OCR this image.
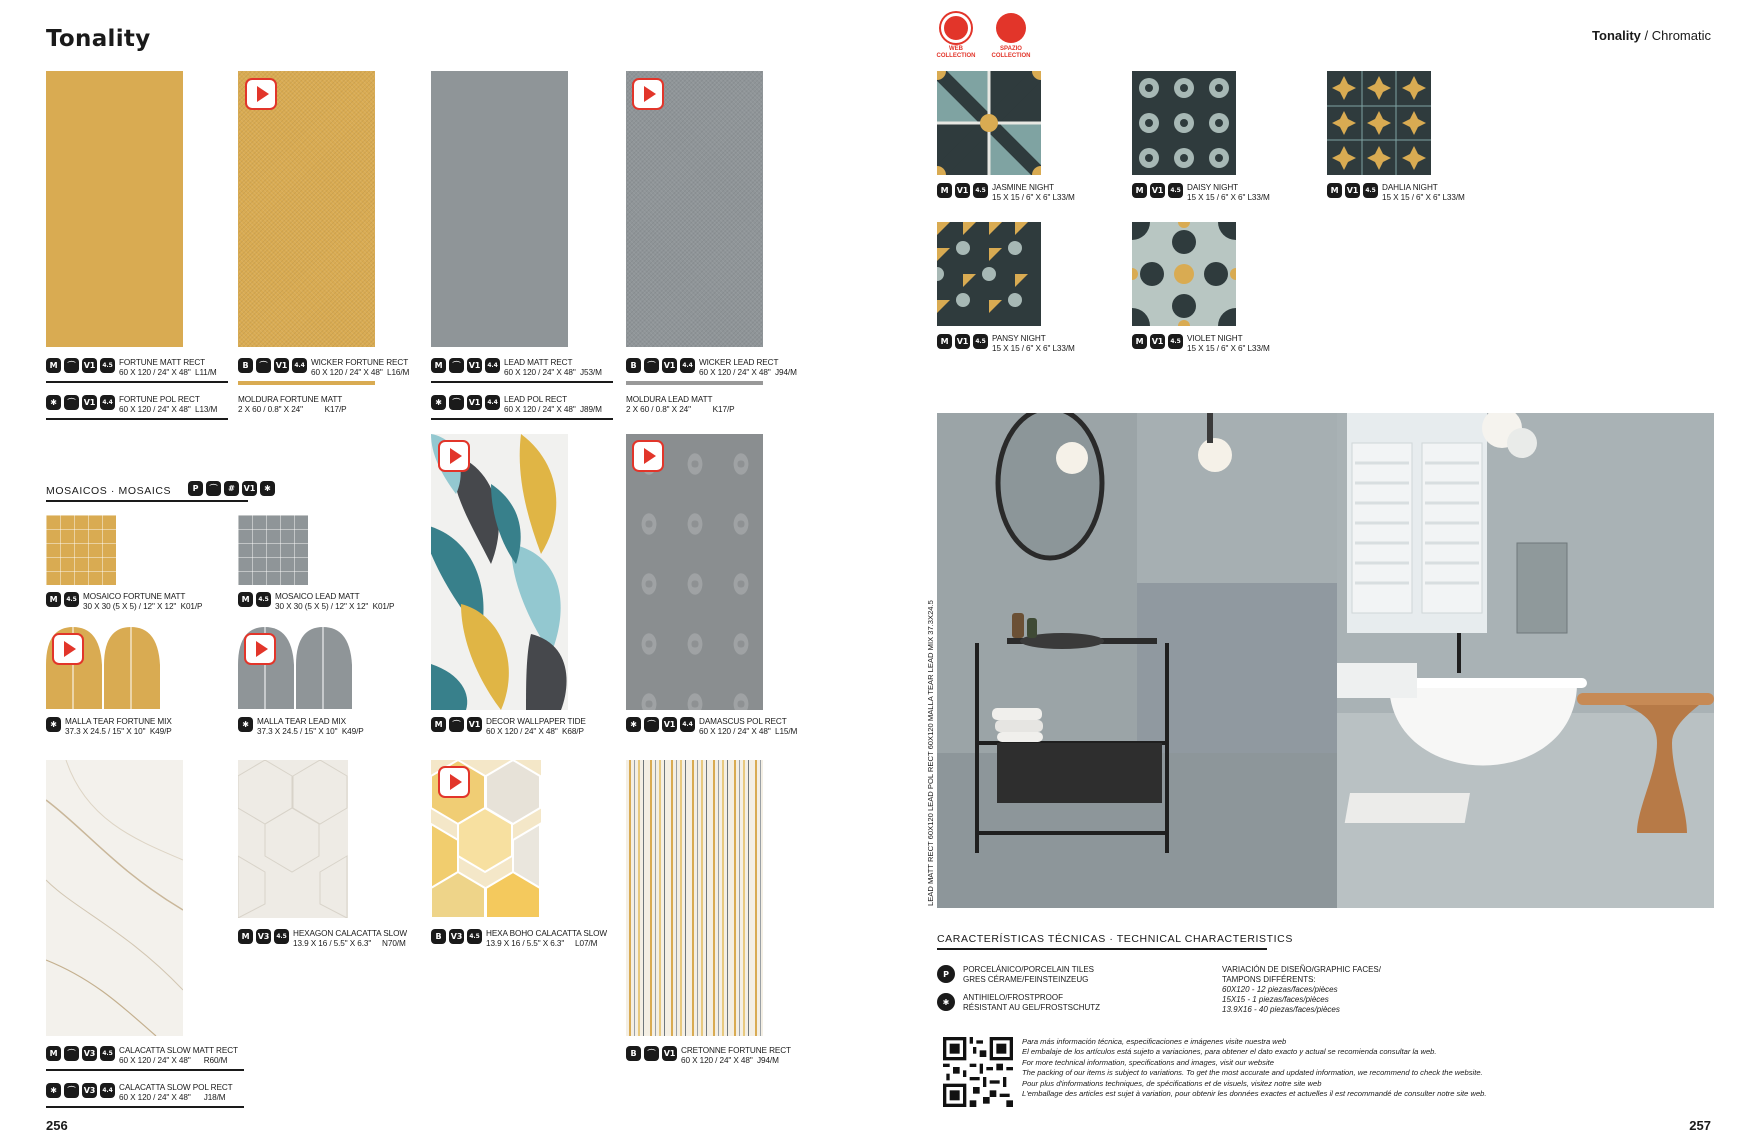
Tonality
M	⌒	V1	4.5 FORTUNE MATT RECT
60 X 120 / 24" X 48" L11/M
B	⌒	V1	4.4 WICKER FORTUNE RECT
60 X 120 / 24" X 48" L16/M
M	⌒	V1	4.4 LEAD MATT RECT
60 X 120 / 24" X 48" J53/M
B	⌒	V1	4.4 WICKER LEAD RECT
60 X 120 / 24" X 48" J94/M
✱	⌒	V1	4.4 FORTUNE POL RECT
60 X 120 / 24" X 48" L13/M
MOLDURA FORTUNE MATT
2 X 60 / 0.8" X 24"	K17/P
✱	⌒	V1	4.4 LEAD POL RECT
60 X 120 / 24" X 48" J89/M
MOLDURA LEAD MATT
2 X 60 / 0.8" X 24"	K17/P
MOSAICOS · MOSAICS	P	⌒	#	V1	✱
M	4.5 MOSAICO FORTUNE MATT
30 X 30 (5 X 5) / 12" X 12" K01/P
M	4.5 MOSAICO LEAD MATT
30 X 30 (5 X 5) / 12" X 12" K01/P
✱	MALLA TEAR FORTUNE MIX
37.3 X 24.5 / 15" X 10" K49/P
✱	MALLA TEAR LEAD MIX
37.3 X 24.5 / 15" X 10" K49/P
M	⌒	V1 DECOR WALLPAPER TIDE
60 X 120 / 24" X 48" K68/P
✱	⌒	V1	4.4 DAMASCUS POL RECT
60 X 120 / 24" X 48" L15/M
M	V3	4.5 HEXAGON CALACATTA SLOW
13.9 X 16 / 5.5" X 6.3" N70/M
B	V3	4.5 HEXA BOHO CALACATTA SLOW
13.9 X 16 / 5.5" X 6.3" L07/M
M	⌒	V3	4.5 CALACATTA SLOW MATT RECT
60 X 120 / 24" X 48" R60/M
B	⌒	V1 CRETONNE FORTUNE RECT
60 X 120 / 24" X 48" J94/M
✱	⌒	V3	4.4 CALACATTA SLOW POL RECT
60 X 120 / 24" X 48" J18/M
256
WEB COLLECTION
SPAZIO COLLECTION
Tonality / Chromatic
M	V1	4.5 JASMINE NIGHT
15 X 15 / 6" X 6" L33/M
M	V1	4.5 DAISY NIGHT
15 X 15 / 6" X 6" L33/M
M	V1	4.5 DAHLIA NIGHT
15 X 15 / 6" X 6" L33/M
M	V1	4.5 PANSY NIGHT
15 X 15 / 6" X 6" L33/M
M	V1	4.5 VIOLET NIGHT
15 X 15 / 6" X 6" L33/M
LEAD MATT RECT 60X120 LEAD POL RECT 60X120 MALLA TEAR LEAD MIX 37.3X24.5
CARACTERÍSTICAS TÉCNICAS · TECHNICAL CHARACTERISTICS
P	PORCELÁNICO/PORCELAIN TILES
GRES CÉRAME/FEINSTEINZEUG
✱	ANTIHIELO/FROSTPROOF
RÉSISTANT AU GEL/FROSTSCHUTZ
VARIACIÓN DE DISEÑO/GRAPHIC FACES/
TAMPONS DIFFÉRENTS:
60X120 - 12 piezas/faces/pièces
15X15 - 1 piezas/faces/pièces
13.9X16 - 40 piezas/faces/pièces
Para más información técnica, especificaciones e imágenes visite nuestra web
El embalaje de los artículos está sujeto a variaciones, para obtener el dato exacto y actual se recomienda consultar la web.
For more technical information, specifications and images, visit our website
The packing of our items is subject to variations. To get the most accurate and updated information, we recommend to check the website.
Pour plus d'informations techniques, de spécifications et de visuels, visitez notre site web
L'emballage des articles est sujet à variation, pour obtenir les données exactes et actuelles il est recommandé de consulter notre site web.
257
